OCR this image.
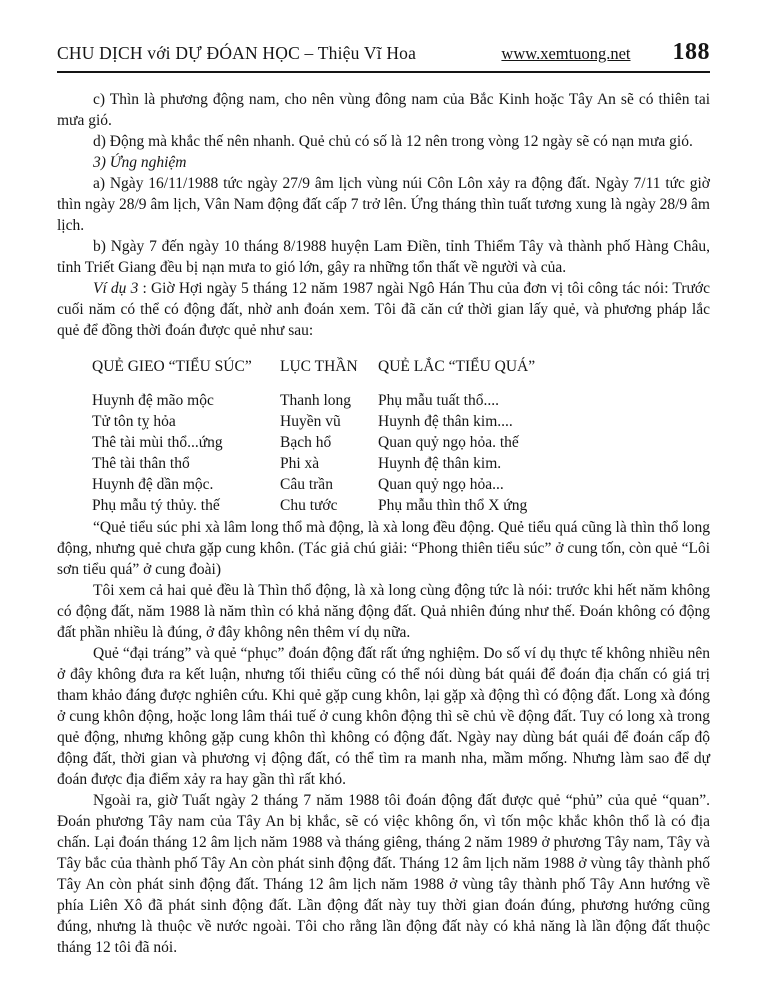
CHU DỊCH với DỰ ĐÓAN HỌC – Thiệu Vĩ Hoa	www.xemtuong.net 188

c) Thìn là phương động nam, cho nên vùng đông nam của Bắc Kinh hoặc Tây An sẽ có thiên tai mưa gió.

d) Động mà khắc thế nên nhanh. Quẻ chủ có số là 12 nên trong vòng 12 ngày sẽ có nạn mưa gió.

3) Ứng nghiệm

a) Ngày 16/11/1988 tức ngày 27/9 âm lịch vùng núi Côn Lôn xảy ra động đất. Ngày 7/11 tức giờ thìn ngày 28/9 âm lịch, Vân Nam động đất cấp 7 trở lên. Ứng tháng thìn tuất tương xung là ngày 28/9 âm lịch.

b) Ngày 7 đến ngày 10 tháng 8/1988 huyện Lam Điền, tỉnh Thiểm Tây và thành phố Hàng Châu, tỉnh Triết Giang đều bị nạn mưa to gió lớn, gây ra những tổn thất về người và của.

Ví dụ 3 : Giờ Hợi ngày 5 tháng 12 năm 1987 ngài Ngô Hán Thu của đơn vị tôi công tác nói: Trước cuối năm có thể có động đất, nhờ anh đoán xem. Tôi đã căn cứ thời gian lấy quẻ, và phương pháp lắc quẻ để đồng thời đoán được quẻ như sau:

QUẺ GIEO “TIỂU SÚC”	LỤC THẦN	QUẺ LẮC “TIỂU QUÁ”
Huynh đệ mão mộc	Thanh long	Phụ mẫu tuất thổ....
Tử tôn tỵ hỏa	Huyền vũ	Huynh đệ thân kim....
Thê tài mùi thổ...ứng	Bạch hổ	Quan quỷ ngọ hỏa. thế
Thê tài thân thổ	Phi xà	Huynh đệ thân kim.
Huynh đệ dần mộc.	Câu trần	Quan quỷ ngọ hỏa...
Phụ mẫu tý thủy. thế	Chu tước	Phụ mẫu thìn thổ X ứng

“Quẻ tiểu súc phi xà lâm long thổ mà động, là xà long đều động. Quẻ tiểu quá cũng là thìn thổ long động, nhưng quẻ chưa gặp cung khôn. (Tác giả chú giải: “Phong thiên tiểu súc” ở cung tốn, còn quẻ “Lôi sơn tiểu quá” ở cung đoài)

Tôi xem cả hai quẻ đều là Thìn thổ động, là xà long cùng động tức là nói: trước khi hết năm không có động đất, năm 1988 là năm thìn có khả năng động đất. Quả nhiên đúng như thế. Đoán không có động đất phần nhiều là đúng, ở đây không nên thêm ví dụ nữa.

Quẻ “đại tráng” và quẻ “phục” đoán động đất rất ứng nghiệm. Do số ví dụ thực tế không nhiều nên ở đây không đưa ra kết luận, nhưng tối thiểu cũng có thể nói dùng bát quái để đoán địa chấn có giá trị tham khảo đáng được nghiên cứu. Khi quẻ gặp cung khôn, lại gặp xà động thì có động đất. Long xà đóng ở cung khôn động, hoặc long lâm thái tuế ở cung khôn động thì sẽ chủ về động đất. Tuy có long xà trong quẻ động, nhưng không gặp cung khôn thì không có động đất. Ngày nay dùng bát quái để đoán cấp độ động đất, thời gian và phương vị động đất, có thể tìm ra manh nha, mầm mống. Nhưng làm sao để dự đoán được địa điểm xảy ra hay gần thì rất khó.

Ngoài ra, giờ Tuất ngày 2 tháng 7 năm 1988 tôi đoán động đất được quẻ “phủ” của quẻ “quan”. Đoán phương Tây nam của Tây An bị khắc, sẽ có việc không ổn, vì tốn mộc khắc khôn thổ là có địa chấn. Lại đoán tháng 12 âm lịch năm 1988 và tháng giêng, tháng 2 năm 1989 ở phương Tây nam, Tây và Tây bắc của thành phố Tây An còn phát sinh động đất. Tháng 12 âm lịch năm 1988 ở vùng tây thành phố Tây An còn phát sinh động đất. Tháng 12 âm lịch năm 1988 ở vùng tây thành phố Tây Ann hướng về phía Liên Xô đã phát sinh động đất. Lần động đất này tuy thời gian đoán đúng, phương hướng cũng đúng, nhưng là thuộc về nước ngoài. Tôi cho rằng lần động đất này có khả năng là lần động đất thuộc tháng 12 tôi đã nói.
